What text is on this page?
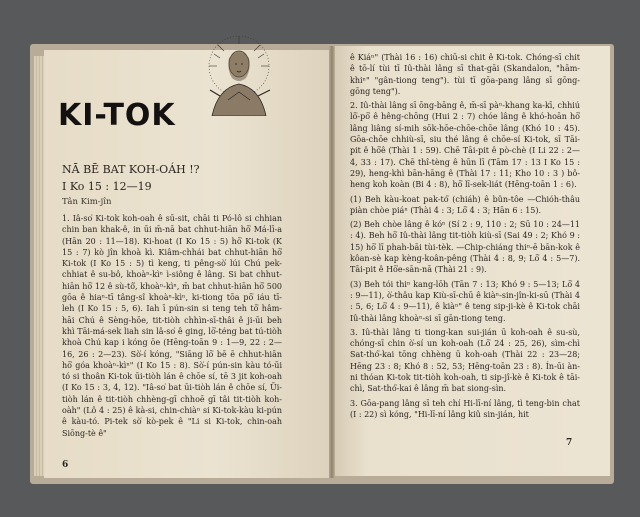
KI-TOK
NĀ BĒ BAT KOH-OÁH !?
I Ko 15 : 12—19
Tân Kim-jîn

1. Iâ-so͘ Ki-tok koh-oah ê sū-sit, chāi ti Pó-lô si chhian chin ban khak-ê, in ūi m̄-nā bat chhut-hiān hō͘ Má-lī-a (Hān 20 : 11—18). Ki-hoat (I Ko 15 : 5) hō͘ Ki-tok (K 15 : 7) kò jîn khoà kì. Kiâm-chhái bat chhut-hiān hō͘ Ki-tok (I Ko 15 : 5) tì keng, ti pêng-sò͘ lúi Chú pek-chhiat ê su-bô, khoàⁿ-kìⁿ ì-siông ê lâng. Si bat chhut-hiān hō͘ 12 ê sù-tô͘, khoàⁿ-kìⁿ, m̄ bat chhut-hiān hō͘ 500 gōa ê hiaⁿ-tī tâng-sî khoàⁿ-kìⁿ, ki-tiong tōa pō͘ iáu tī-leh (I Ko 15 : 5, 6). Iah ī pún-sin si teng teh tō͘ hâm-hāi Chú ê Sèng-hōe, tit-tiòh chhìn-sī-thâi ê ji-ūi beh khì Tāi-má-sek liah sin lâ-so͘ ê ging, lō͘-téng bat tú-tiòh khoà Chú kap i kóng ōe (Hēng-toān 9 : 1—9, 22 : 2—16, 26 : 2—23). Sò͘-í kóng, "Siāng lō͘ bē ē chhut-hiān hō͘ góa khoàⁿ-kìⁿ" (I Ko 15 : 8). Sò͘-í pún-sin kàu tó-ūi tó si thoân Ki-tok ūi-tiòh lán ê chōe sí, tē 3 jit koh-oah (I Ko 15 : 3, 4, 12). "Iâ-so͘ bat ūi-tiòh lán ê chōe sí, Ūi-tiòh lán ê tit-tiòh chhèng-gī chhoē gī tâi tit-tiòh koh-oàh" (Lô 4 : 25) ê kà-si, chin-chiàⁿ si Ki-tok-kàu ki-pún ê kàu-tó. Pi-tek sò͘ kò-pek ê "Li si Ki-tok, chin-oah Siōng-tè ê"

ê Kiáⁿ" (Thài 16 : 16) chiū-si chit ê Ki-tok. Chóng-sī chit ê tō-lí tùi tī Iû-thài lâng sī that-gāi (Skandalon, "hām-khiⁿ" "gân-tiong teng"). tùi tī gōa-pang lâng sī gōng-gōng teng").

2. Iû-thài lâng sī ōng-bāng ê, m̄-sī pàⁿ-khang ka-kī, chhiú lō͘-pō͘ ê hêng-chōng (Hui 2 : 7) chóe lâng ê khó-hoān hō͘ lâng liâng sí-mih sōk-hōe-chōe-chōe lâng (Khó 10 : 45). Gōa-chōe chhiù-sī, siu thé lâng ê chōe-sí Ki-tok, sī Tāi-pit ê hō͘ê (Thài 1 : 59). Chē Tāi-pit ê pò-chè (I Li 22 : 2—4, 33 : 17). Chē thî-tèng ê hūn lī (Tām 17 : 13 I Ko 15 : 29), heng-khì bān-hāng ê (Thài 17 : 11; Kho 10 : 3 ) bô-heng koh koàn (Bi 4 : 8), hō͘ lī-sek-liát (Hēng-toān 1 : 6).

(1) Beh kàu-koat pak-tó͘ (chiáh) ê bûn-tôe —Chióh-thâu piàn chòe piáⁿ (Thài 4 : 3; Lō͘ 4 : 3; Hān 6 : 15).

(2) Beh chòe lâng ê kóⁿ (Sí 2 : 9, 110 : 2; Sū 10 : 24—11 : 4). Beh hō͘ Iû-thài lâng tit-tiòh kiù-sī (Sai 49 : 2; Khó 9 : 15) hō͘ lī phah-bāi tùi-tèk. —Chip-chiáng thiⁿ-ē bān-kok ê kôan-sè kap kèng-koân-pêng (Thài 4 : 8, 9; Lō͘ 4 : 5—7). Tāi-pit ê Hō͘e-sān-nā (Thài 21 : 9).

(3) Beh tói thiⁿ kang-lōh (Tān 7 : 13; Khó 9 : 5—13; Lō͘ 4 : 9—11), ò͘-thâu kap Kiù-sī-chū ê kiàⁿ-sin-jîn-ki-sū (Thài 4 : 5, 6; Lō͘ 4 : 9—11), ê kiàⁿ" ê teng sip-ji-kè ê Ki-tok chāi Iû-thài lâng khoàⁿ-si sī gān-tiong teng.

3. Iû-thài lâng ti tiong-kan sui-jián ū koh-oah ê su-sù, chóng-sī chin ò͘-sí un koh-oah (Lō͘ 24 : 25, 26), sìm-chì Sat-thó͘-kai tōng chhèng ū koh-oah (Thài 22 : 23—28; Hēng 23 : 8; Khó 8 : 52, 53; Hēng-toān 23 : 8). Ín-ūi àn-ni thóan Ki-tok tit-tiòh koh-oah, ti sip-jî-kè ê Ki-tok ê tāi-chì, Sat-thó͘-kai ê lâng m̄ bat siong-sìn.

3. Gōa-pang lâng sī teh chí Hi-lī-ní lâng, tì teng-bin chat (I : 22) sì kóng, "Hi-lī-ní lâng kiû sin-jián, hit

6
7
